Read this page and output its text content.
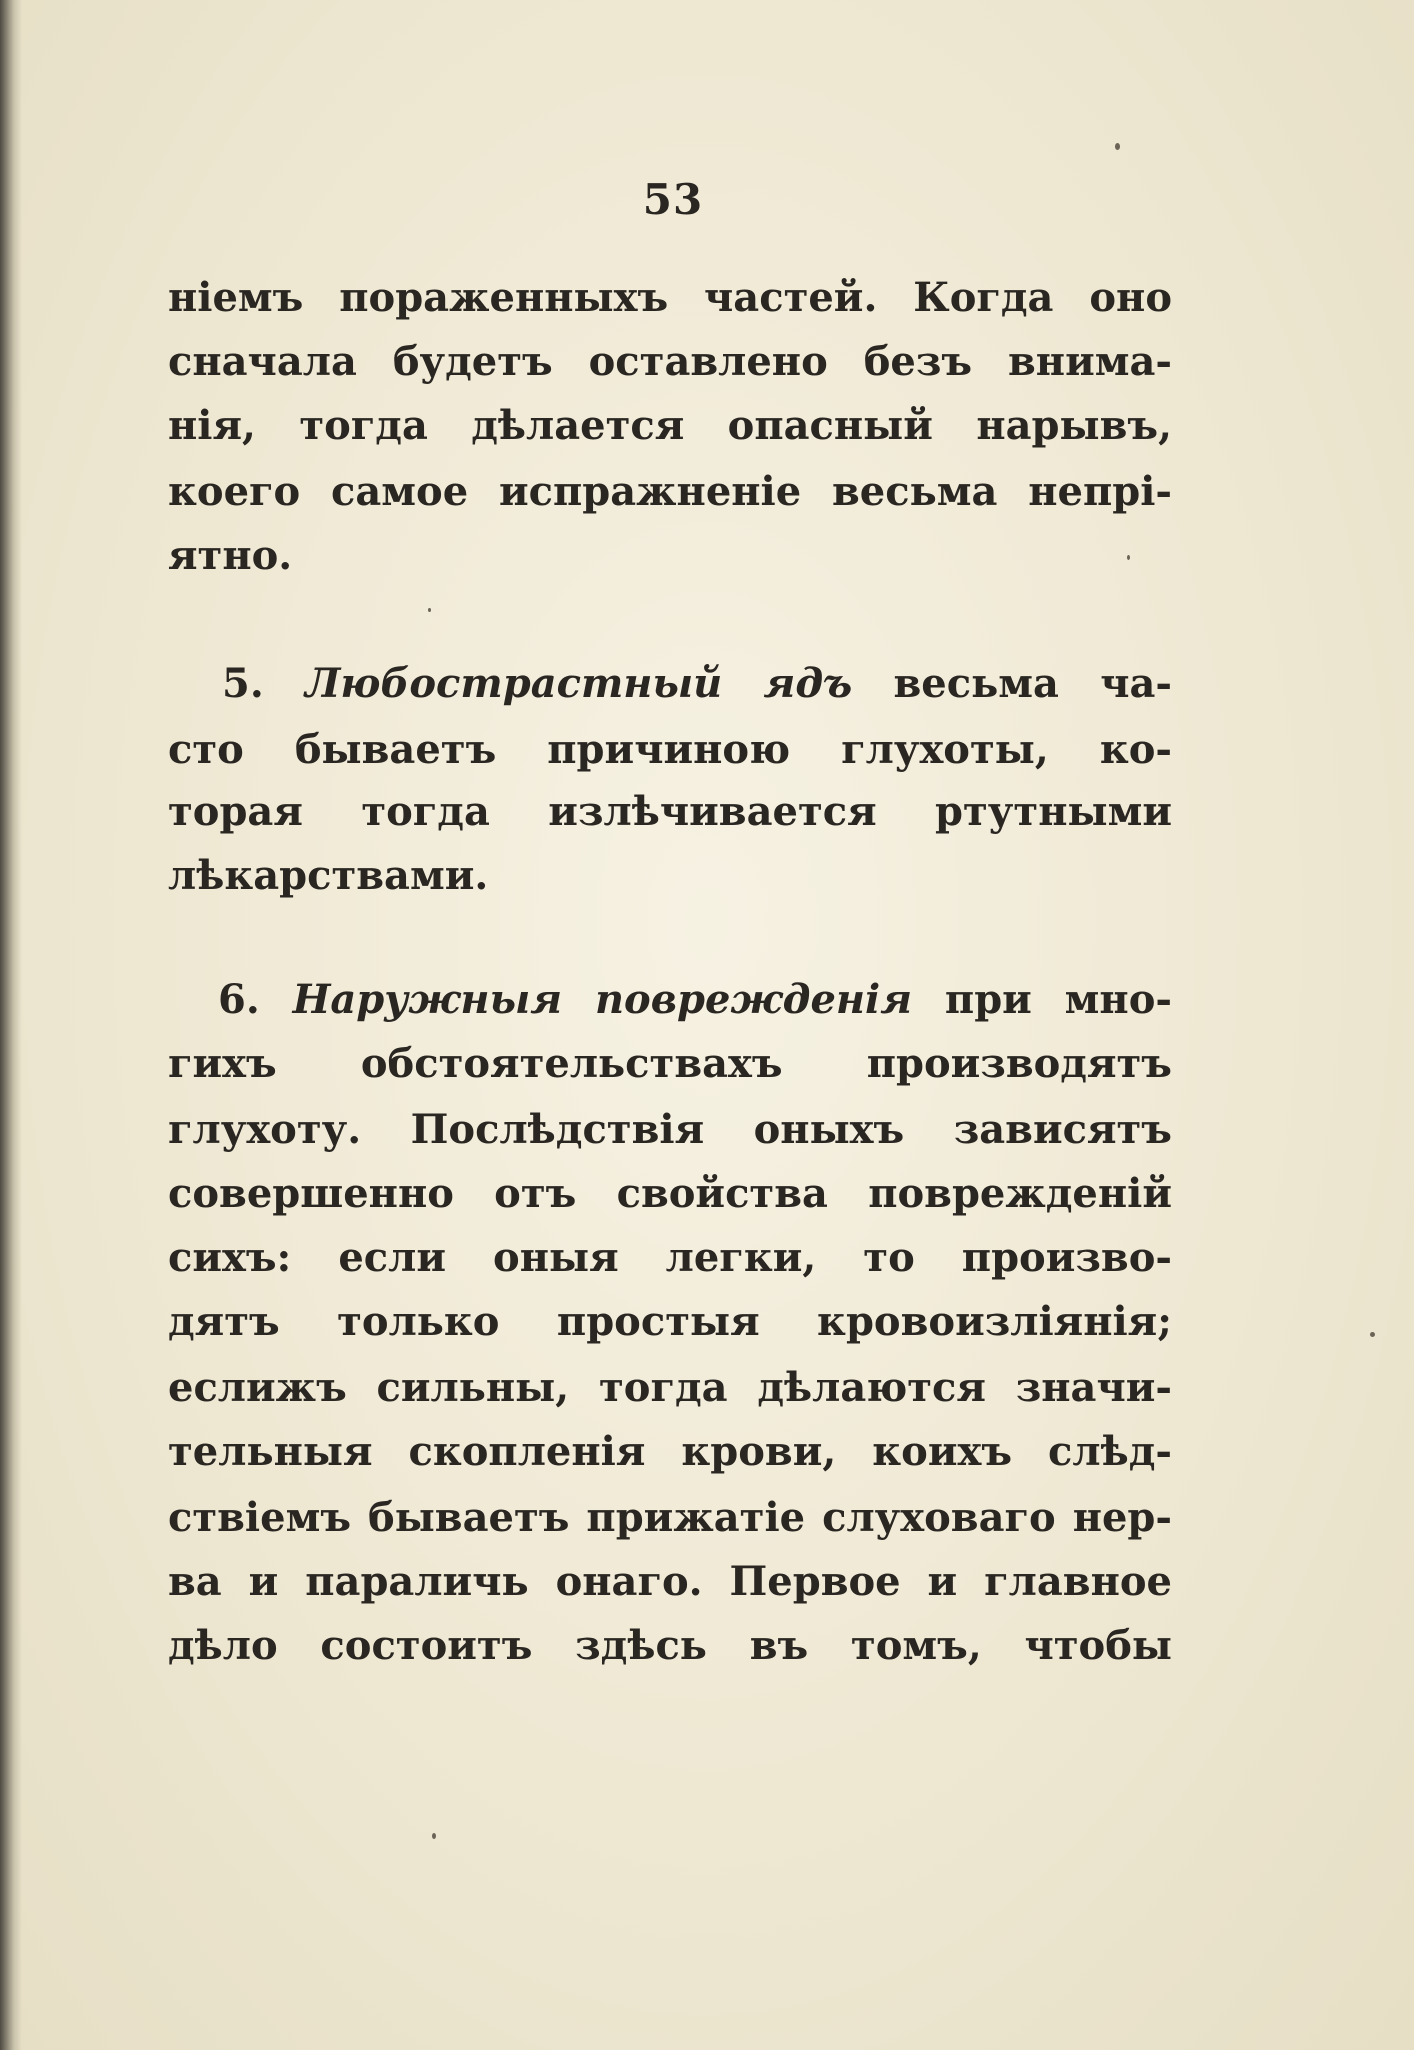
53
ніемъ пораженныхъ частей. Когда оно
сначала будетъ оставлено безъ внима-
нія, тогда дѣлается опасный нарывъ,
коего самое испражненіе весьма непрі-
ятно.
5. Любострастный ядъ весьма ча-
сто бываетъ причиною глухоты, ко-
торая тогда излѣчивается ртутными
лѣкарствами.
6. Наружныя поврежденія при мно-
гихъ обстоятельствахъ производятъ
глухоту. Послѣдствія оныхъ зависятъ
совершенно отъ свойства поврежденій
сихъ: если оныя легки, то произво-
дятъ только простыя кровоизліянія;
еслижъ сильны, тогда дѣлаются значи-
тельныя скопленія крови, коихъ слѣд-
ствіемъ бываетъ прижатіе слуховаго нер-
ва и параличь онаго. Первое и главное
дѣло состоитъ здѣсь въ томъ, чтобы
